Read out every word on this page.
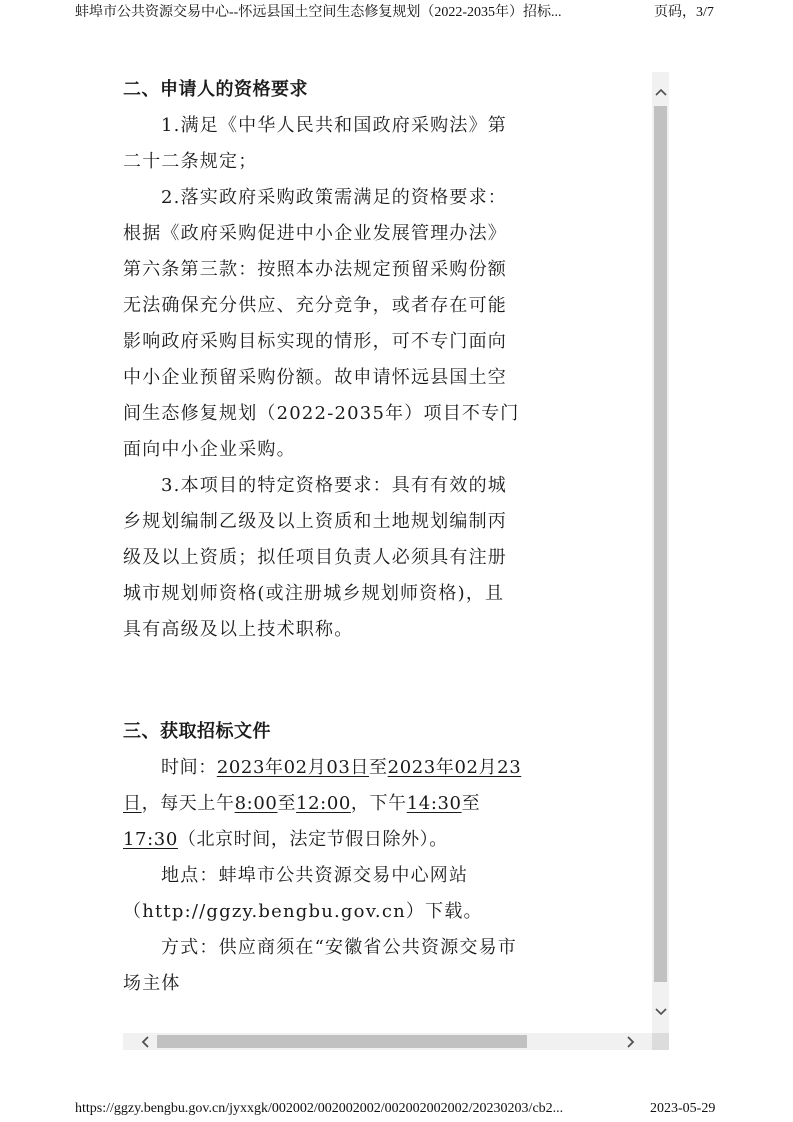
蚌埠市公共资源交易中心--怀远县国土空间生态修复规划（2022-2035年）招标...	页码，3/7
二、申请人的资格要求

1.满足《中华人民共和国政府采购法》第二十二条规定；

2.落实政府采购政策需满足的资格要求：根据《政府采购促进中小企业发展管理办法》第六条第三款：按照本办法规定预留采购份额无法确保充分供应、充分竞争，或者存在可能影响政府采购目标实现的情形，可不专门面向中小企业预留采购份额。故申请怀远县国土空间生态修复规划（2022-2035年）项目不专门面向中小企业采购。

3.本项目的特定资格要求：具有有效的城乡规划编制乙级及以上资质和土地规划编制丙级及以上资质；拟任项目负责人必须具有注册城市规划师资格(或注册城乡规划师资格)，且具有高级及以上技术职称。

三、获取招标文件

时间：2023年02月03日至2023年02月23日，每天上午8:00至12:00，下午14:30至 17:30（北京时间，法定节假日除外）。

地点：蚌埠市公共资源交易中心网站（http://ggzy.bengbu.gov.cn）下载。

方式：供应商须在“安徽省公共资源交易市场主体

https://ggzy.bengbu.gov.cn/jyxxgk/002002/002002002/002002002002/20230203/cb2...	2023-05-29
